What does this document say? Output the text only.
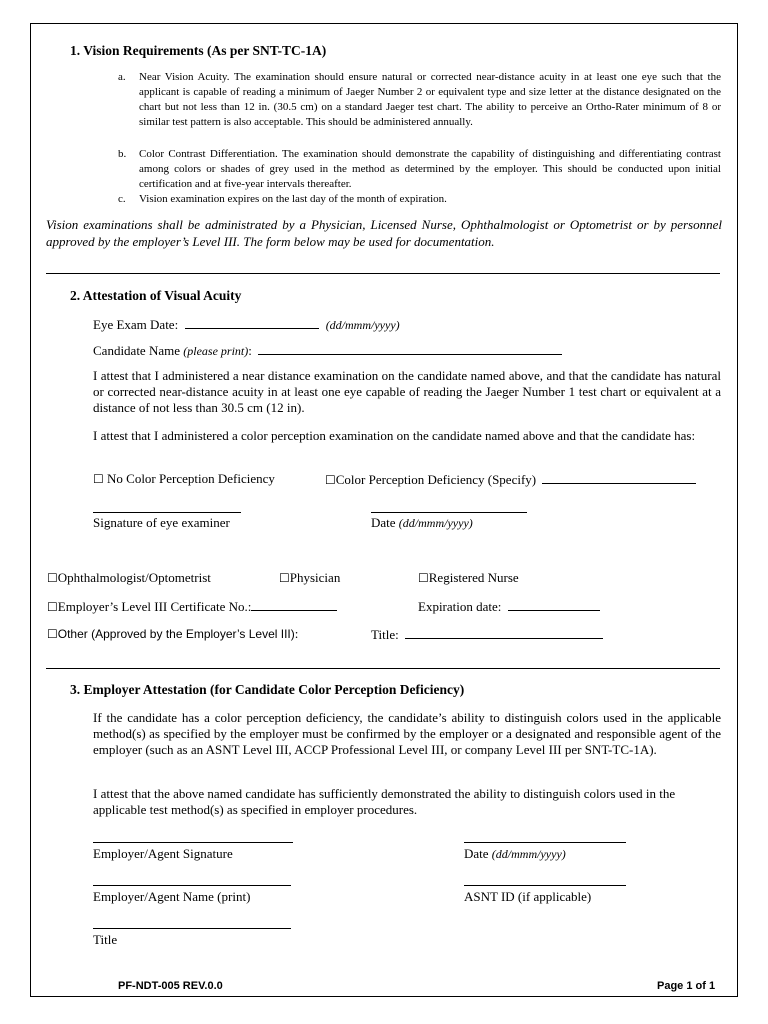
1. Vision Requirements (As per SNT-TC-1A)
a. Near Vision Acuity. The examination should ensure natural or corrected near-distance acuity in at least one eye such that the applicant is capable of reading a minimum of Jaeger Number 2 or equivalent type and size letter at the distance designated on the chart but not less than 12 in. (30.5 cm) on a standard Jaeger test chart. The ability to perceive an Ortho-Rater minimum of 8 or similar test pattern is also acceptable. This should be administered annually.
b. Color Contrast Differentiation. The examination should demonstrate the capability of distinguishing and differentiating contrast among colors or shades of grey used in the method as determined by the employer. This should be conducted upon initial certification and at five-year intervals thereafter.
c. Vision examination expires on the last day of the month of expiration.
Vision examinations shall be administrated by a Physician, Licensed Nurse, Ophthalmologist or Optometrist or by personnel approved by the employer’s Level III. The form below may be used for documentation.
2. Attestation of Visual Acuity
Eye Exam Date:	(dd/mmm/yyyy)
Candidate Name (please print):
I attest that I administered a near distance examination on the candidate named above, and that the candidate has natural or corrected near-distance acuity in at least one eye capable of reading the Jaeger Number 1 test chart or equivalent at a distance of not less than 30.5 cm (12 in).
I attest that I administered a color perception examination on the candidate named above and that the candidate has:
☐ No Color Perception Deficiency	☐Color Perception Deficiency (Specify)
Signature of eye examiner	Date (dd/mmm/yyyy)
☐Ophthalmologist/Optometrist	☐Physician	☐Registered Nurse
☐Employer’s Level III Certificate No.:	Expiration date:
☐Other (Approved by the Employer’s Level III):	Title:
3. Employer Attestation (for Candidate Color Perception Deficiency)
If the candidate has a color perception deficiency, the candidate’s ability to distinguish colors used in the applicable method(s) as specified by the employer must be confirmed by the employer or a designated and responsible agent of the employer (such as an ASNT Level III, ACCP Professional Level III, or company Level III per SNT-TC-1A).
I attest that the above named candidate has sufficiently demonstrated the ability to distinguish colors used in the applicable test method(s) as specified in employer procedures.
Employer/Agent Signature	Date (dd/mmm/yyyy)
Employer/Agent Name (print)	ASNT ID (if applicable)
Title
PF-NDT-005 REV.0.0	Page 1 of 1
